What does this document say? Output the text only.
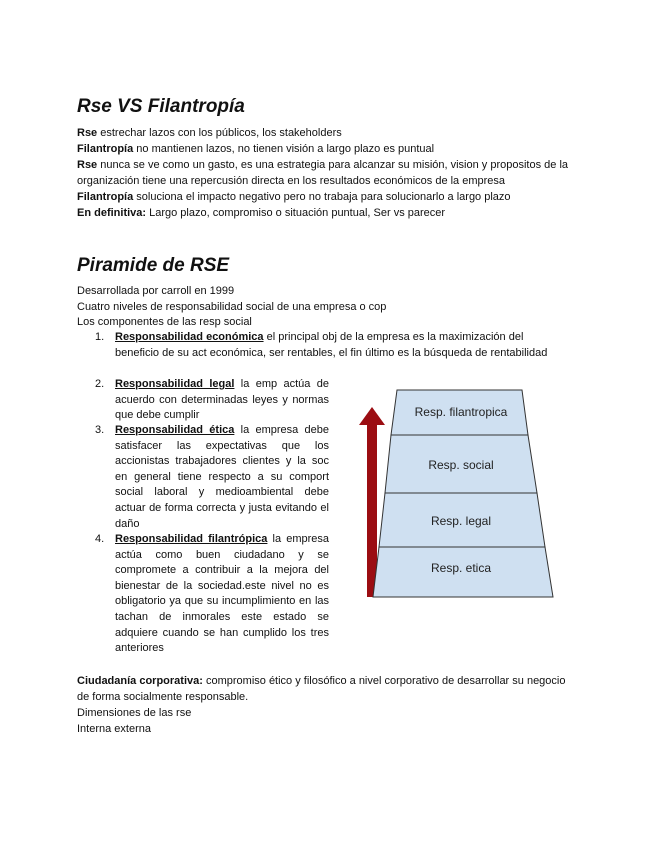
Rse VS Filantropía

Rse estrechar lazos con los públicos, los stakeholders

Filantropía no mantienen lazos, no tienen visión a largo plazo es puntual

Rse nunca se ve como un gasto, es una estrategia para alcanzar su misión, vision y propositos de la organización tiene una repercusión directa en los resultados económicos de la empresa

Filantropía soluciona el impacto negativo pero no trabaja para solucionarlo a largo plazo

En definitiva: Largo plazo, compromiso o situación puntual, Ser vs parecer

Piramide de RSE

Desarrollada por carroll en 1999

Cuatro niveles de responsabilidad social de una empresa o cop

Los componentes de las resp social

1. Responsabilidad económica el principal obj de la empresa es la maximización del beneficio de su act económica, ser rentables, el fin último es la búsqueda de rentabilidad
2. Responsabilidad legal la emp actúa de acuerdo con determinadas leyes y normas que debe cumplir
3. Responsabilidad ética la empresa debe satisfacer las expectativas que los accionistas trabajadores clientes y la soc en general tiene respecto a su comport social laboral y medioambiental debe actuar de forma correcta y justa evitando el daño
4. Responsabilidad filantrópica la empresa actúa como buen ciudadano y se compromete a contribuir a la mejora del bienestar de la sociedad.este nivel no es obligatorio ya que su incumplimiento en las tachan de inmorales este estado se adquiere cuando se han cumplido los tres anteriores
Resp. filantropica
Resp. social
Resp. legal
Resp. etica

Ciudadanía corporativa: compromiso ético y filosófico a nivel corporativo de desarrollar su negocio de forma socialmente responsable.

Dimensiones de las rse

Interna externa
